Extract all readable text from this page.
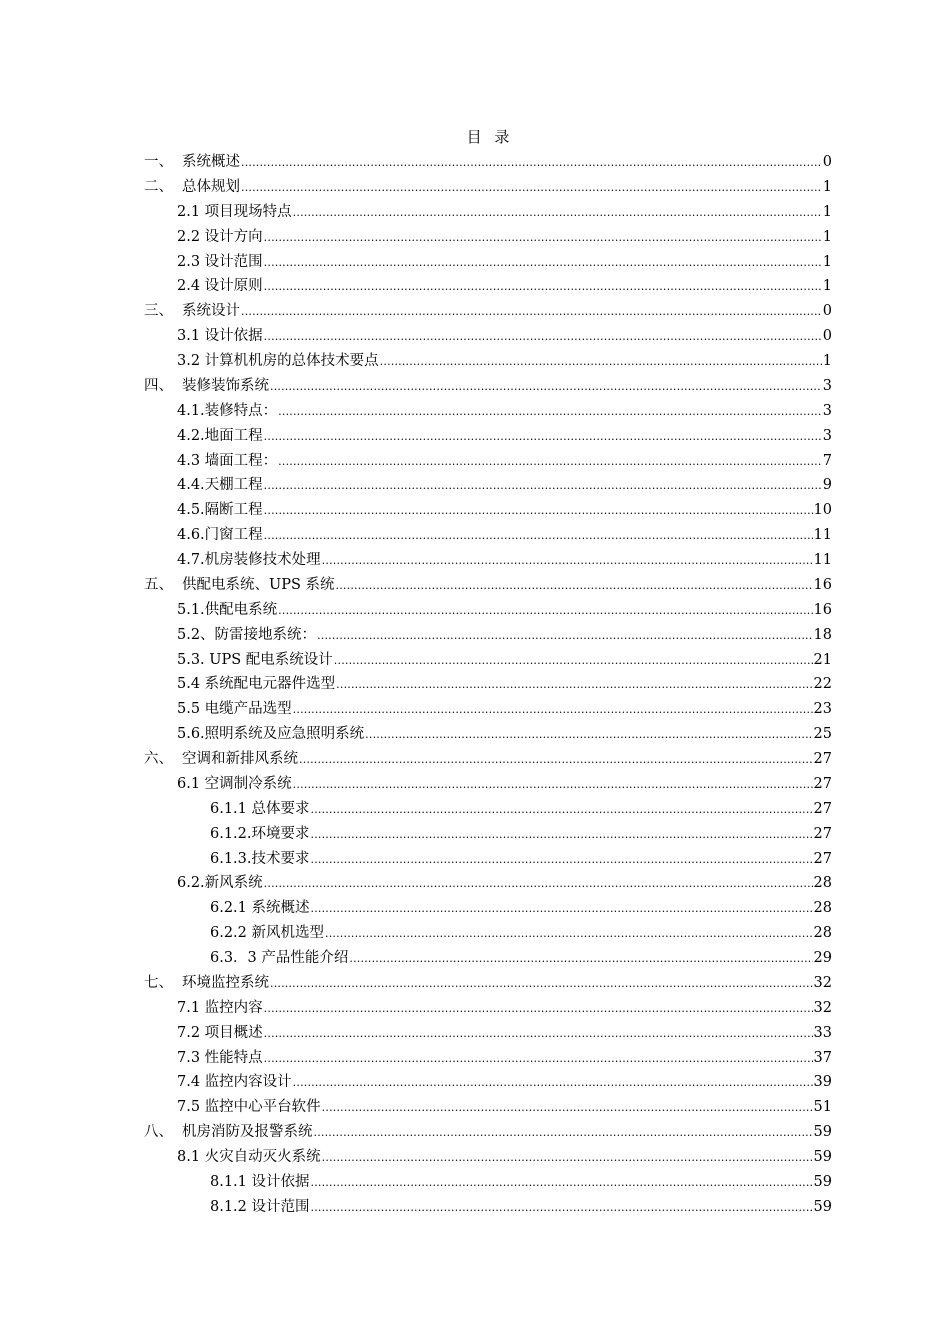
目 录
一、 系统概述 .....	0
二、 总体规划 .....	1
2.1 项目现场特点 .....	1
2.2 设计方向 .....	1
2.3 设计范围 .....	1
2.4 设计原则 .....	1
三、 系统设计 .....	0
3.1 设计依据 .....	0
3.2 计算机机房的总体技术要点 .....	1
四、 装修装饰系统 .....	3
4.1.装修特点： .....	3
4.2.地面工程 .....	3
4.3 墙面工程： .....	7
4.4.天棚工程 .....	9
4.5.隔断工程 .....	10
4.6.门窗工程 .....	11
4.7.机房装修技术处理 .....	11
五、 供配电系统、UPS 系统 .....	16
5.1.供配电系统 .....	16
5.2、防雷接地系统： .....	18
5.3. UPS 配电系统设计 .....	21
5.4 系统配电元器件选型 .....	22
5.5 电缆产品选型 .....	23
5.6.照明系统及应急照明系统 .....	25
六、 空调和新排风系统 .....	27
6.1 空调制冷系统 .....	27
6.1.1 总体要求 .....	27
6.1.2.环境要求 .....	27
6.1.3.技术要求 .....	27
6.2.新风系统 .....	28
6.2.1 系统概述 .....	28
6.2.2 新风机选型 .....	28
6.3．3 产品性能介绍 .....	29
七、 环境监控系统 .....	32
7.1 监控内容 .....	32
7.2 项目概述 .....	33
7.3 性能特点 .....	37
7.4 监控内容设计 .....	39
7.5 监控中心平台软件 .....	51
八、 机房消防及报警系统 .....	59
8.1 火灾自动灭火系统 .....	59
8.1.1 设计依据 .....	59
8.1.2 设计范围 .....	59
